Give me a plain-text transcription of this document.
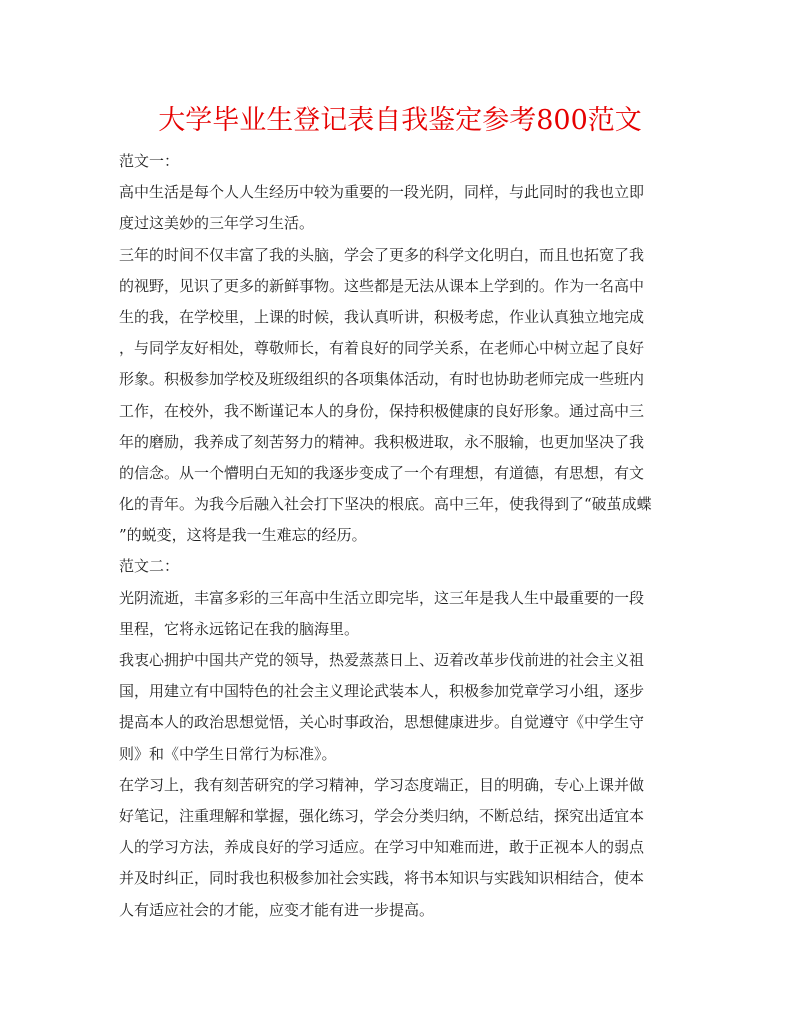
大学毕业生登记表自我鉴定参考800范文
范文一：
高中生活是每个人人生经历中较为重要的一段光阴，同样，与此同时的我也立即
度过这美妙的三年学习生活。
三年的时间不仅丰富了我的头脑，学会了更多的科学文化明白，而且也拓宽了我
的视野，见识了更多的新鲜事物。这些都是无法从课本上学到的。作为一名高中
生的我，在学校里，上课的时候，我认真听讲，积极考虑，作业认真独立地完成
，与同学友好相处，尊敬师长，有着良好的同学关系，在老师心中树立起了良好
形象。积极参加学校及班级组织的各项集体活动，有时也协助老师完成一些班内
工作，在校外，我不断谨记本人的身份，保持积极健康的良好形象。通过高中三
年的磨励，我养成了刻苦努力的精神。我积极进取，永不服输，也更加坚决了我
的信念。从一个懵明白无知的我逐步变成了一个有理想，有道德，有思想，有文
化的青年。为我今后融入社会打下坚决的根底。高中三年，使我得到了“破茧成蝶
”的蜕变，这将是我一生难忘的经历。
范文二：
光阴流逝，丰富多彩的三年高中生活立即完毕，这三年是我人生中最重要的一段
里程，它将永远铭记在我的脑海里。
我衷心拥护中国共产党的领导，热爱蒸蒸日上、迈着改革步伐前进的社会主义祖
国，用建立有中国特色的社会主义理论武装本人，积极参加党章学习小组，逐步
提高本人的政治思想觉悟，关心时事政治，思想健康进步。自觉遵守《中学生守
则》和《中学生日常行为标准》。
在学习上，我有刻苦研究的学习精神，学习态度端正，目的明确，专心上课并做
好笔记，注重理解和掌握，强化练习，学会分类归纳，不断总结，探究出适宜本
人的学习方法，养成良好的学习适应。在学习中知难而进，敢于正视本人的弱点
并及时纠正，同时我也积极参加社会实践，将书本知识与实践知识相结合，使本
人有适应社会的才能，应变才能有进一步提高。
